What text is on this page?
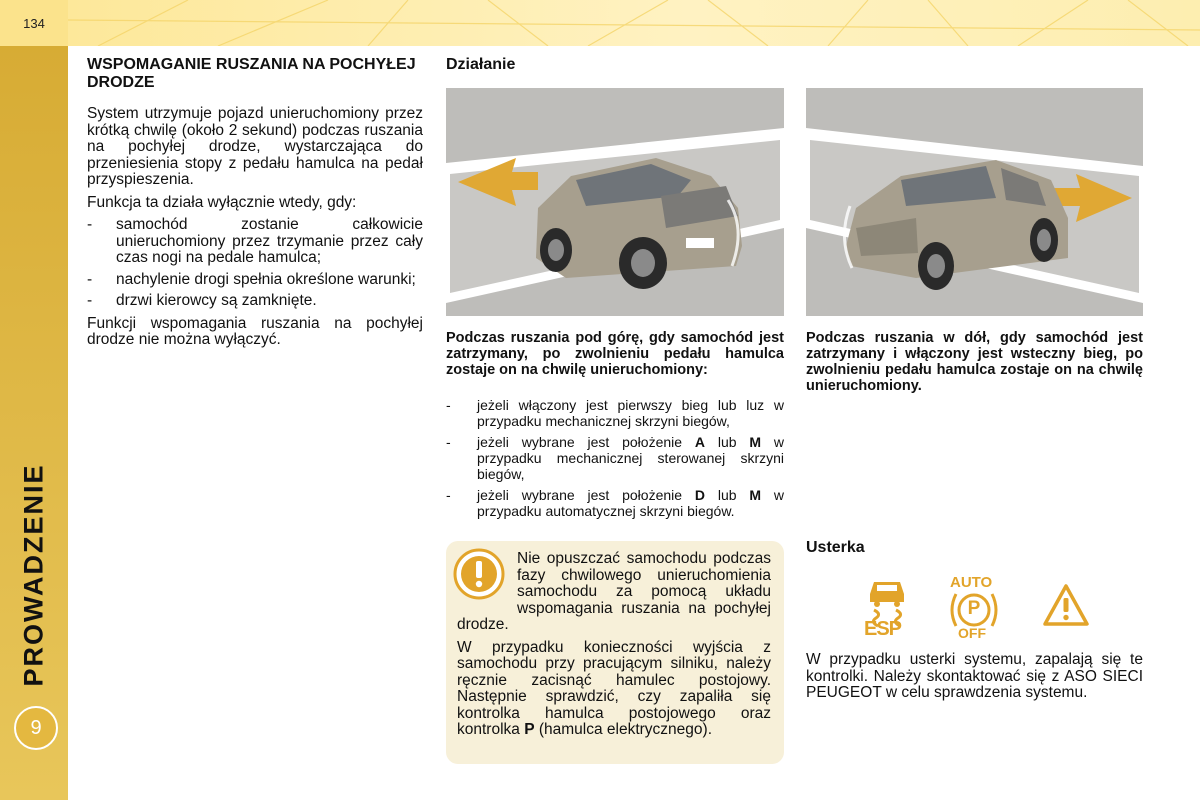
134
PROWADZENIE
9
WSPOMAGANIE RUSZANIA NA POCHYŁEJ DRODZE

System utrzymuje pojazd unieruchomiony przez krótką chwilę (około 2 sekund) podczas ruszania na pochyłej drodze, wystarczająca do przeniesienia stopy z pedału hamulca na pedał przyspieszenia.

Funkcja ta działa wyłącznie wtedy, gdy:

- samochód zostanie całkowicie unieruchomiony przez trzymanie przez cały czas nogi na pedale hamulca;
- nachylenie drogi spełnia określone warunki;
- drzwi kierowcy są zamknięte.

Funkcji wspomagania ruszania na pochyłej drodze nie można wyłączyć.

Działanie
Podczas ruszania pod górę, gdy samochód jest zatrzymany, po zwolnieniu pedału hamulca zostaje on na chwilę unieruchomiony:
- jeżeli włączony jest pierwszy bieg lub luz w przypadku mechanicznej skrzyni biegów,
- jeżeli wybrane jest położenie A lub M w przypadku mechanicznej sterowanej skrzyni biegów,
- jeżeli wybrane jest położenie D lub M w przypadku automatycznej skrzyni biegów.

Nie opuszczać samochodu podczas fazy chwilowego unieruchomienia samochodu za pomocą układu wspomagania ruszania na pochyłej drodze.

W przypadku konieczności wyjścia z samochodu przy pracującym silniku, należy ręcznie zacisnąć hamulec postojowy. Następnie sprawdzić, czy zapaliła się kontrolka hamulca postojowego oraz kontrolka P (hamulca elektrycznego).

Podczas ruszania w dół, gdy samochód jest zatrzymany i włączony jest wsteczny bieg, po zwolnieniu pedału hamulca zostaje on na chwilę unieruchomiony.
Usterka
ESP
AUTO
P
OFF

W przypadku usterki systemu, zapalają się te kontrolki. Należy skontaktować się z ASO SIECI PEUGEOT w celu sprawdzenia systemu.
